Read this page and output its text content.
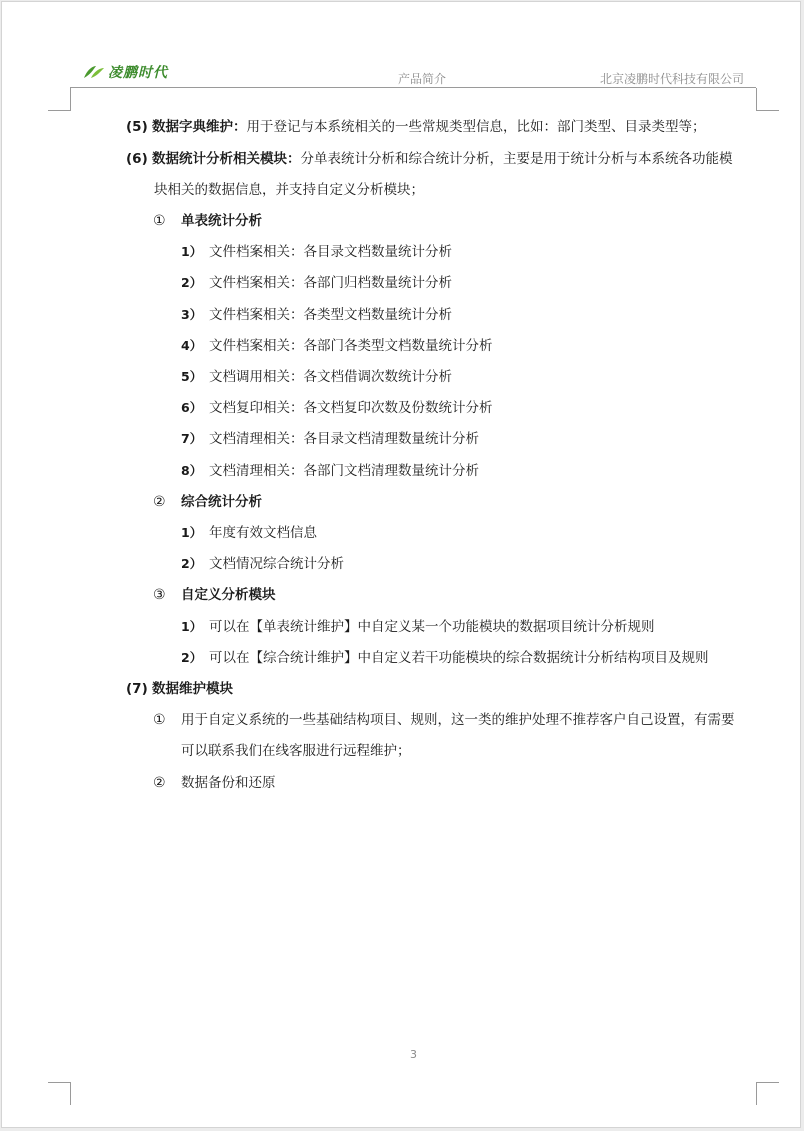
凌鹏时代	产品简介	北京凌鹏时代科技有限公司
(5) 数据字典维护：用于登记与本系统相关的一些常规类型信息，比如：部门类型、目录类型等；
(6) 数据统计分析相关模块：分单表统计分析和综合统计分析，主要是用于统计分析与本系统各功能模
块相关的数据信息，并支持自定义分析模块；
① 单表统计分析
1） 文件档案相关：各目录文档数量统计分析
2） 文件档案相关：各部门归档数量统计分析
3） 文件档案相关：各类型文档数量统计分析
4） 文件档案相关：各部门各类型文档数量统计分析
5） 文档调用相关：各文档借调次数统计分析
6） 文档复印相关：各文档复印次数及份数统计分析
7） 文档清理相关：各目录文档清理数量统计分析
8） 文档清理相关：各部门文档清理数量统计分析
② 综合统计分析
1） 年度有效文档信息
2） 文档情况综合统计分析
③ 自定义分析模块
1） 可以在【单表统计维护】中自定义某一个功能模块的数据项目统计分析规则
2） 可以在【综合统计维护】中自定义若干功能模块的综合数据统计分析结构项目及规则
(7) 数据维护模块
① 用于自定义系统的一些基础结构项目、规则，这一类的维护处理不推荐客户自己设置，有需要
可以联系我们在线客服进行远程维护；
② 数据备份和还原
3
